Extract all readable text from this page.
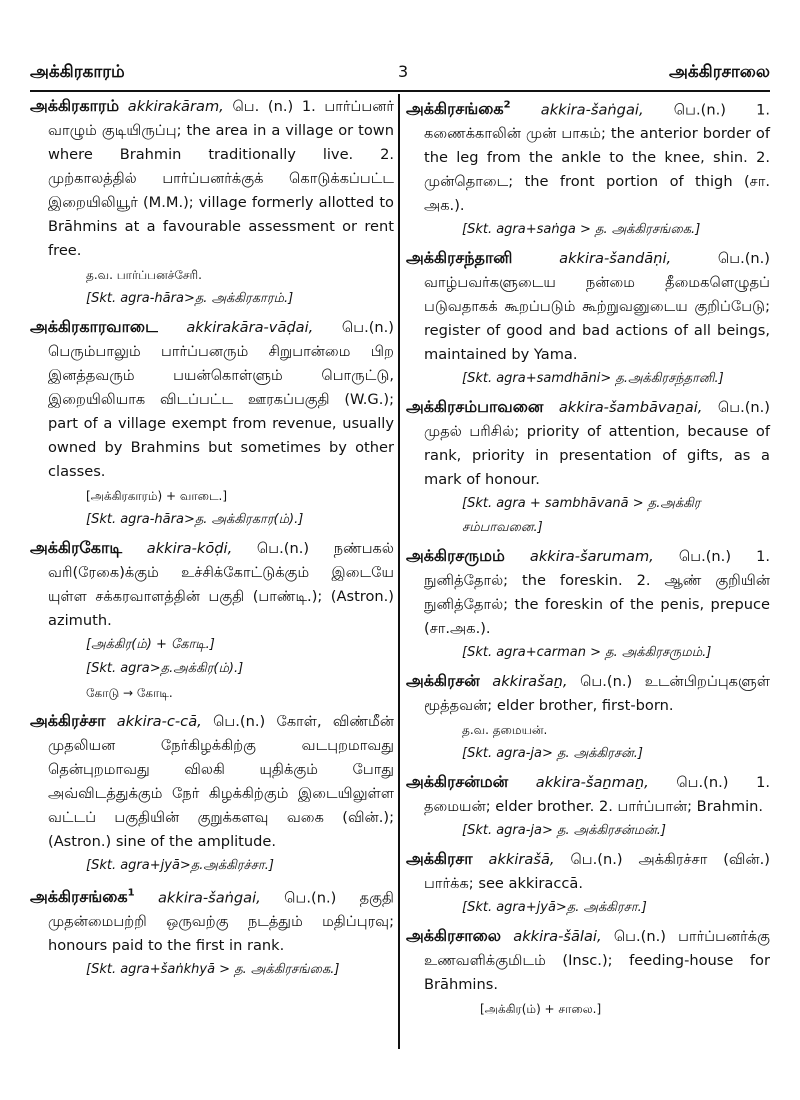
அக்கிரகாரம்	3	அக்கிரசாலை
அக்கிரகாரம் akkirakāram, பெ. (n.) 1. பார்ப்பனர் வாழும் குடியிருப்பு; the area in a village or town where Brahmin traditionally live. 2. முற்காலத்தில் பார்ப்பனர்க்குக் கொடுக்கப்பட்ட இறையிலியூர் (M.M.); village formerly allotted to Brāhmins at a favourable assessment or rent free.
த.வ. பார்ப்பனச்சேரி.
[Skt. agra-hāra>த. அக்கிரகாரம்.]
அக்கிரகாரவாடை akkirakāra-vāḍai, பெ.(n.) பெரும்பாலும் பார்ப்பனரும் சிறுபான்மை பிற இனத்தவரும் பயன்கொள்ளும் பொருட்டு, இறையிலியாக விடப்பட்ட ஊரகப்பகுதி (W.G.); part of a village exempt from revenue, usually owned by Brahmins but sometimes by other classes.
[அக்கிரகாரம்) + வாடை.]
[Skt. agra-hāra>த. அக்கிரகார(ம்).]
அக்கிரகோடி akkira-kōḍi, பெ.(n.) நண்பகல் வரி(ரேகை)க்கும் உச்சிக்கோட்டுக்கும் இடையே யுள்ள சக்கரவாளத்தின் பகுதி (பாண்டி.); (Astron.) azimuth.
[அக்கிர(ம்) + கோடி.]
[Skt. agra>த.அக்கிர(ம்).]
கோடு → கோடி.
அக்கிரச்சா akkira-c-cā, பெ.(n.) கோள், விண்மீன் முதலியன நேர்கிழக்கிற்கு வடபுறமாவது தென்புறமாவது விலகி யுதிக்கும் போது அவ்விடத்துக்கும் நேர் கிழக்கிற்கும் இடையிலுள்ள வட்டப் பகுதியின் குறுக்களவு வகை (வின்.); (Astron.) sine of the amplitude.
[Skt. agra+jyā>த.அக்கிரச்சா.]
அக்கிரசங்கை$^1$ akkira-šaṅgai, பெ.(n.) தகுதி முதன்மைபற்றி ஒருவற்கு நடத்தும் மதிப்புரவு; honours paid to the first in rank.
[Skt. agra+šaṅkhyā > த. அக்கிரசங்கை.]
அக்கிரசங்கை$^2$ akkira-šaṅgai, பெ.(n.) 1. கணைக்காலின் முன் பாகம்; the anterior border of the leg from the ankle to the knee, shin. 2. முன்தொடை; the front portion of thigh (சா. அக.).
[Skt. agra+saṅga > த. அக்கிரசங்கை.]
அக்கிரசந்தானி	akkira-šandāṇi, பெ.(n.) வாழ்பவர்களுடைய நன்மை தீமைகளெழுதப் படுவதாகக் கூறப்படும் கூற்றுவனுடைய குறிப்பேடு; register of good and bad actions of all beings, maintained by Yama.
[Skt. agra+samdhāni> த.அக்கிரசந்தானி.]
அக்கிரசம்பாவனை akkira-šambāvaṉai, பெ.(n.) முதல் பரிசில்; priority of attention, because of rank, priority in presentation of gifts, as a mark of honour.
[Skt. agra + sambhāvanā > த.அக்கிர சம்பாவனை.]
அக்கிரசருமம் akkira-šarumam, பெ.(n.) 1. நுனித்தோல்; the foreskin. 2. ஆண் குறியின் நுனித்தோல்; the foreskin of the penis, prepuce (சா.அக.).
[Skt. agra+carman > த. அக்கிரசருமம்.]
அக்கிரசன் akkirašaṉ, பெ.(n.) உடன்பிறப்புகளுள் மூத்தவன்; elder brother, first-born.
த.வ. தமையன்.
[Skt. agra-ja> த. அக்கிரசன்.]
அக்கிரசன்மன் akkira-šaṉmaṉ, பெ.(n.) 1. தமையன்; elder brother. 2. பார்ப்பான்; Brahmin.
[Skt. agra-ja> த. அக்கிரசன்மன்.]
அக்கிரசா akkirašā, பெ.(n.) அக்கிரச்சா (வின்.) பார்க்க; see akkiraccā.
[Skt. agra+jyā>த. அக்கிரசா.]
அக்கிரசாலை akkira-šālai, பெ.(n.) பார்ப்பனர்க்கு உணவளிக்குமிடம் (Insc.); feeding-house for Brāhmins.
[அக்கிர(ம்) + சாலை.]
